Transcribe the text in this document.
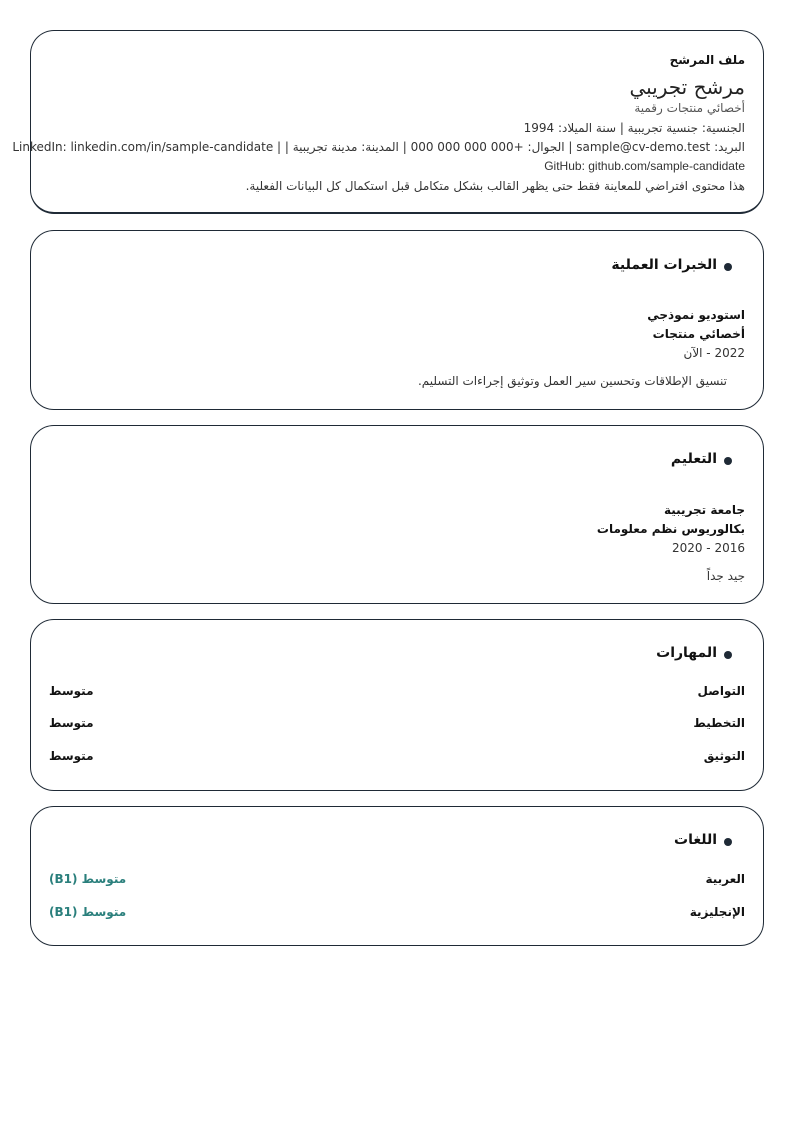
ملف المرشح
مرشح تجريبي
أخصائي منتجات رقمية
الجنسية: جنسية تجريبية | سنة الميلاد: 1994
البريد: sample@cv-demo.test | الجوال: +000 000 000 000 | المدينة: مدينة تجريبية | | LinkedIn: linkedin.com/in/sample-candidate
GitHub: github.com/sample-candidate
هذا محتوى افتراضي للمعاينة فقط حتى يظهر القالب بشكل متكامل قبل استكمال كل البيانات الفعلية.
الخبرات العملية
استوديو نموذجي
أخصائي منتجات
2022 - الآن
تنسيق الإطلاقات وتحسين سير العمل وتوثيق إجراءات التسليم.
التعليم
جامعة تجريبية
بكالوريوس نظم معلومات
2016 - 2020
جيد جداً
المهارات
التواصل
متوسط
التخطيط
متوسط
التوثيق
متوسط
اللغات
العربية
متوسط (B1)
الإنجليزية
متوسط (B1)
